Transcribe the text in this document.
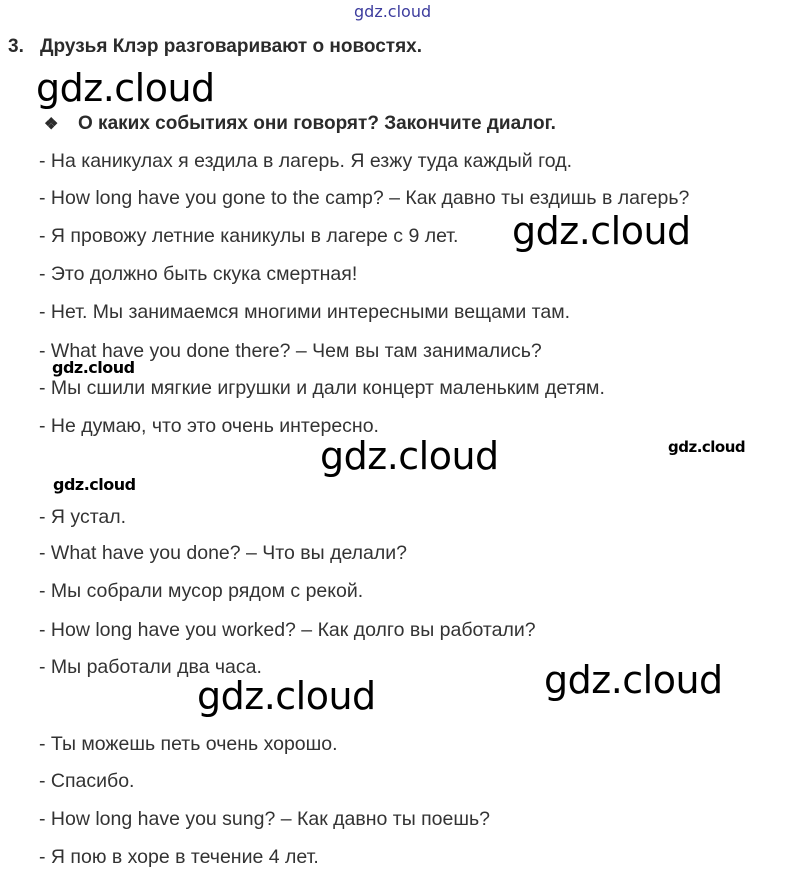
gdz.cloud
3. Друзья Клэр разговаривают о новостях.
❖ О каких событиях они говорят? Закончите диалог.
- На каникулах я ездила в лагерь. Я езжу туда каждый год.
- How long have you gone to the camp? – Как давно ты ездишь в лагерь?
- Я провожу летние каникулы в лагере с 9 лет.
- Это должно быть скука смертная!
- Нет. Мы занимаемся многими интересными вещами там.
- What have you done there? – Чем вы там занимались?
- Мы сшили мягкие игрушки и дали концерт маленьким детям.
- Не думаю, что это очень интересно.
- Я устал.
- What have you done? – Что вы делали?
- Мы собрали мусор рядом с рекой.
- How long have you worked? – Как долго вы работали?
- Мы работали два часа.
- Ты можешь петь очень хорошо.
- Спасибо.
- How long have you sung? – Как давно ты поешь?
- Я пою в хоре в течение 4 лет.
gdz.cloud
gdz.cloud
gdz.cloud
gdz.cloud	gdz.cloud
gdz.cloud
gdz.cloud
gdz.cloud
